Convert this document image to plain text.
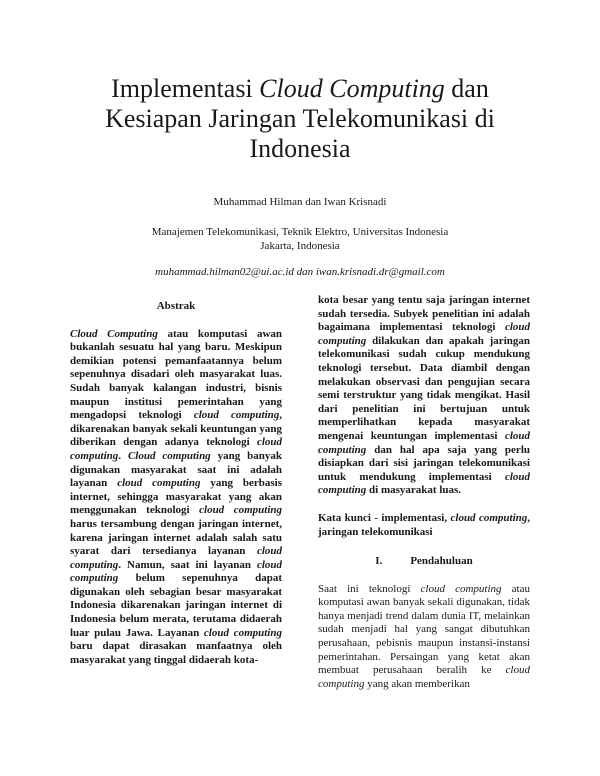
Implementasi Cloud Computing dan Kesiapan Jaringan Telekomunikasi di Indonesia

Muhammad Hilman dan Iwan Krisnadi

Manajemen Telekomunikasi, Teknik Elektro, Universitas Indonesia
Jakarta, Indonesia

muhammad.hilman02@ui.ac.id dan iwan.krisnadi.dr@gmail.com

Abstrak

Cloud Computing atau komputasi awan bukanlah sesuatu hal yang baru. Meskipun demikian potensi pemanfaatannya belum sepenuhnya disadari oleh masyarakat luas. Sudah banyak kalangan industri, bisnis maupun institusi pemerintahan yang mengadopsi teknologi cloud computing, dikarenakan banyak sekali keuntungan yang diberikan dengan adanya teknologi cloud computing. Cloud computing yang banyak digunakan masyarakat saat ini adalah layanan cloud computing yang berbasis internet, sehingga masyarakat yang akan menggunakan teknologi cloud computing harus tersambung dengan jaringan internet, karena jaringan internet adalah salah satu syarat dari tersedianya layanan cloud computing. Namun, saat ini layanan cloud computing belum sepenuhnya dapat digunakan oleh sebagian besar masyarakat Indonesia dikarenakan jaringan internet di Indonesia belum merata, terutama didaerah luar pulau Jawa. Layanan cloud computing baru dapat dirasakan manfaatnya oleh masyarakat yang tinggal didaerah kota-

kota besar yang tentu saja jaringan internet sudah tersedia. Subyek penelitian ini adalah bagaimana implementasi teknologi cloud computing dilakukan dan apakah jaringan telekomunikasi sudah cukup mendukung teknologi tersebut. Data diambil dengan melakukan observasi dan pengujian secara semi terstruktur yang tidak mengikat. Hasil dari penelitian ini bertujuan untuk memperlihatkan kepada masyarakat mengenai keuntungan implementasi cloud computing dan hal apa saja yang perlu disiapkan dari sisi jaringan telekomunikasi untuk mendukung implementasi cloud computing di masyarakat luas.

Kata kunci - implementasi, cloud computing, jaringan telekomunikasi

I.	Pendahuluan

Saat ini teknologi cloud computing atau komputasi awan banyak sekali digunakan, tidak hanya menjadi trend dalam dunia IT, melainkan sudah menjadi hal yang sangat dibutuhkan perusahaan, pebisnis maupun instansi-instansi pemerintahan. Persaingan yang ketat akan membuat perusahaan beralih ke cloud computing yang akan memberikan
